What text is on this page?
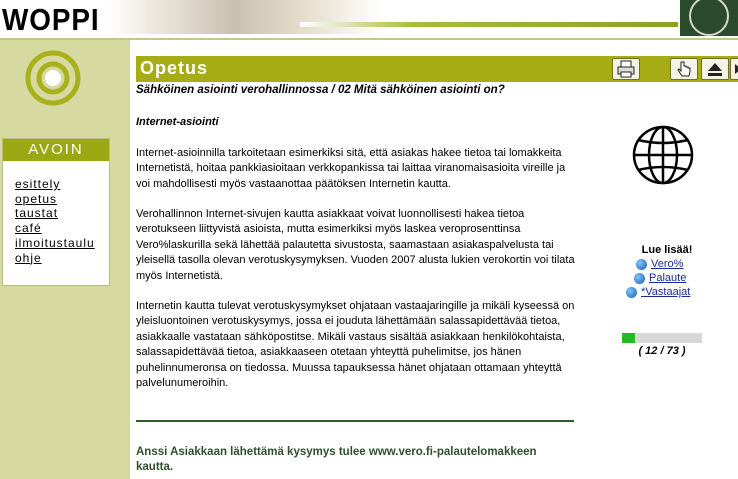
WOPPI
AVOIN
esittely
opetus
taustat
café
ilmoitustaulu
ohje
Opetus

Sähköinen asiointi verohallinnossa / 02 Mitä sähköinen asiointi on?

Internet-asiointi

Internet-asioinnilla tarkoitetaan esimerkiksi sitä, että asiakas hakee tietoa tai lomakkeita Internetistä, hoitaa pankkiasioitaan verkkopankissa tai laittaa viranomaisasioita vireille ja voi mahdollisesti myös vastaanottaa päätöksen Internetin kautta.

Verohallinnon Internet-sivujen kautta asiakkaat voivat luonnollisesti hakea tietoa verotukseen liittyvistä asioista, mutta esimerkiksi myös laskea veroprosenttinsa Vero%laskurilla sekä lähettää palautetta sivustosta, saamastaan asiakaspalvelusta tai yleisellä tasolla olevan verotuskysymyksen. Vuoden 2007 alusta lukien verokortin voi tilata myös Internetistä.

Internetin kautta tulevat verotuskysymykset ohjataan vastaajaringille ja mikäli kyseessä on yleisluontoinen verotuskysymys, jossa ei jouduta lähettämään salassapidettävää tietoa, asiakkaalle vastataan sähköpostitse. Mikäli vastaus sisältää asiakkaan henkilökohtaista, salassapidettävää tietoa, asiakkaaseen otetaan yhteyttä puhelimitse, jos hänen puhelinnumeronsa on tiedossa. Muussa tapauksessa hänet ohjataan ottamaan yhteyttä palvelunumeroihin.

Anssi Asiakkaan lähettämä kysymys tulee www.vero.fi-palautelomakkeen kautta.
Lue lisää!
Vero%
Palaute
*Vastaajat
( 12 / 73 )
